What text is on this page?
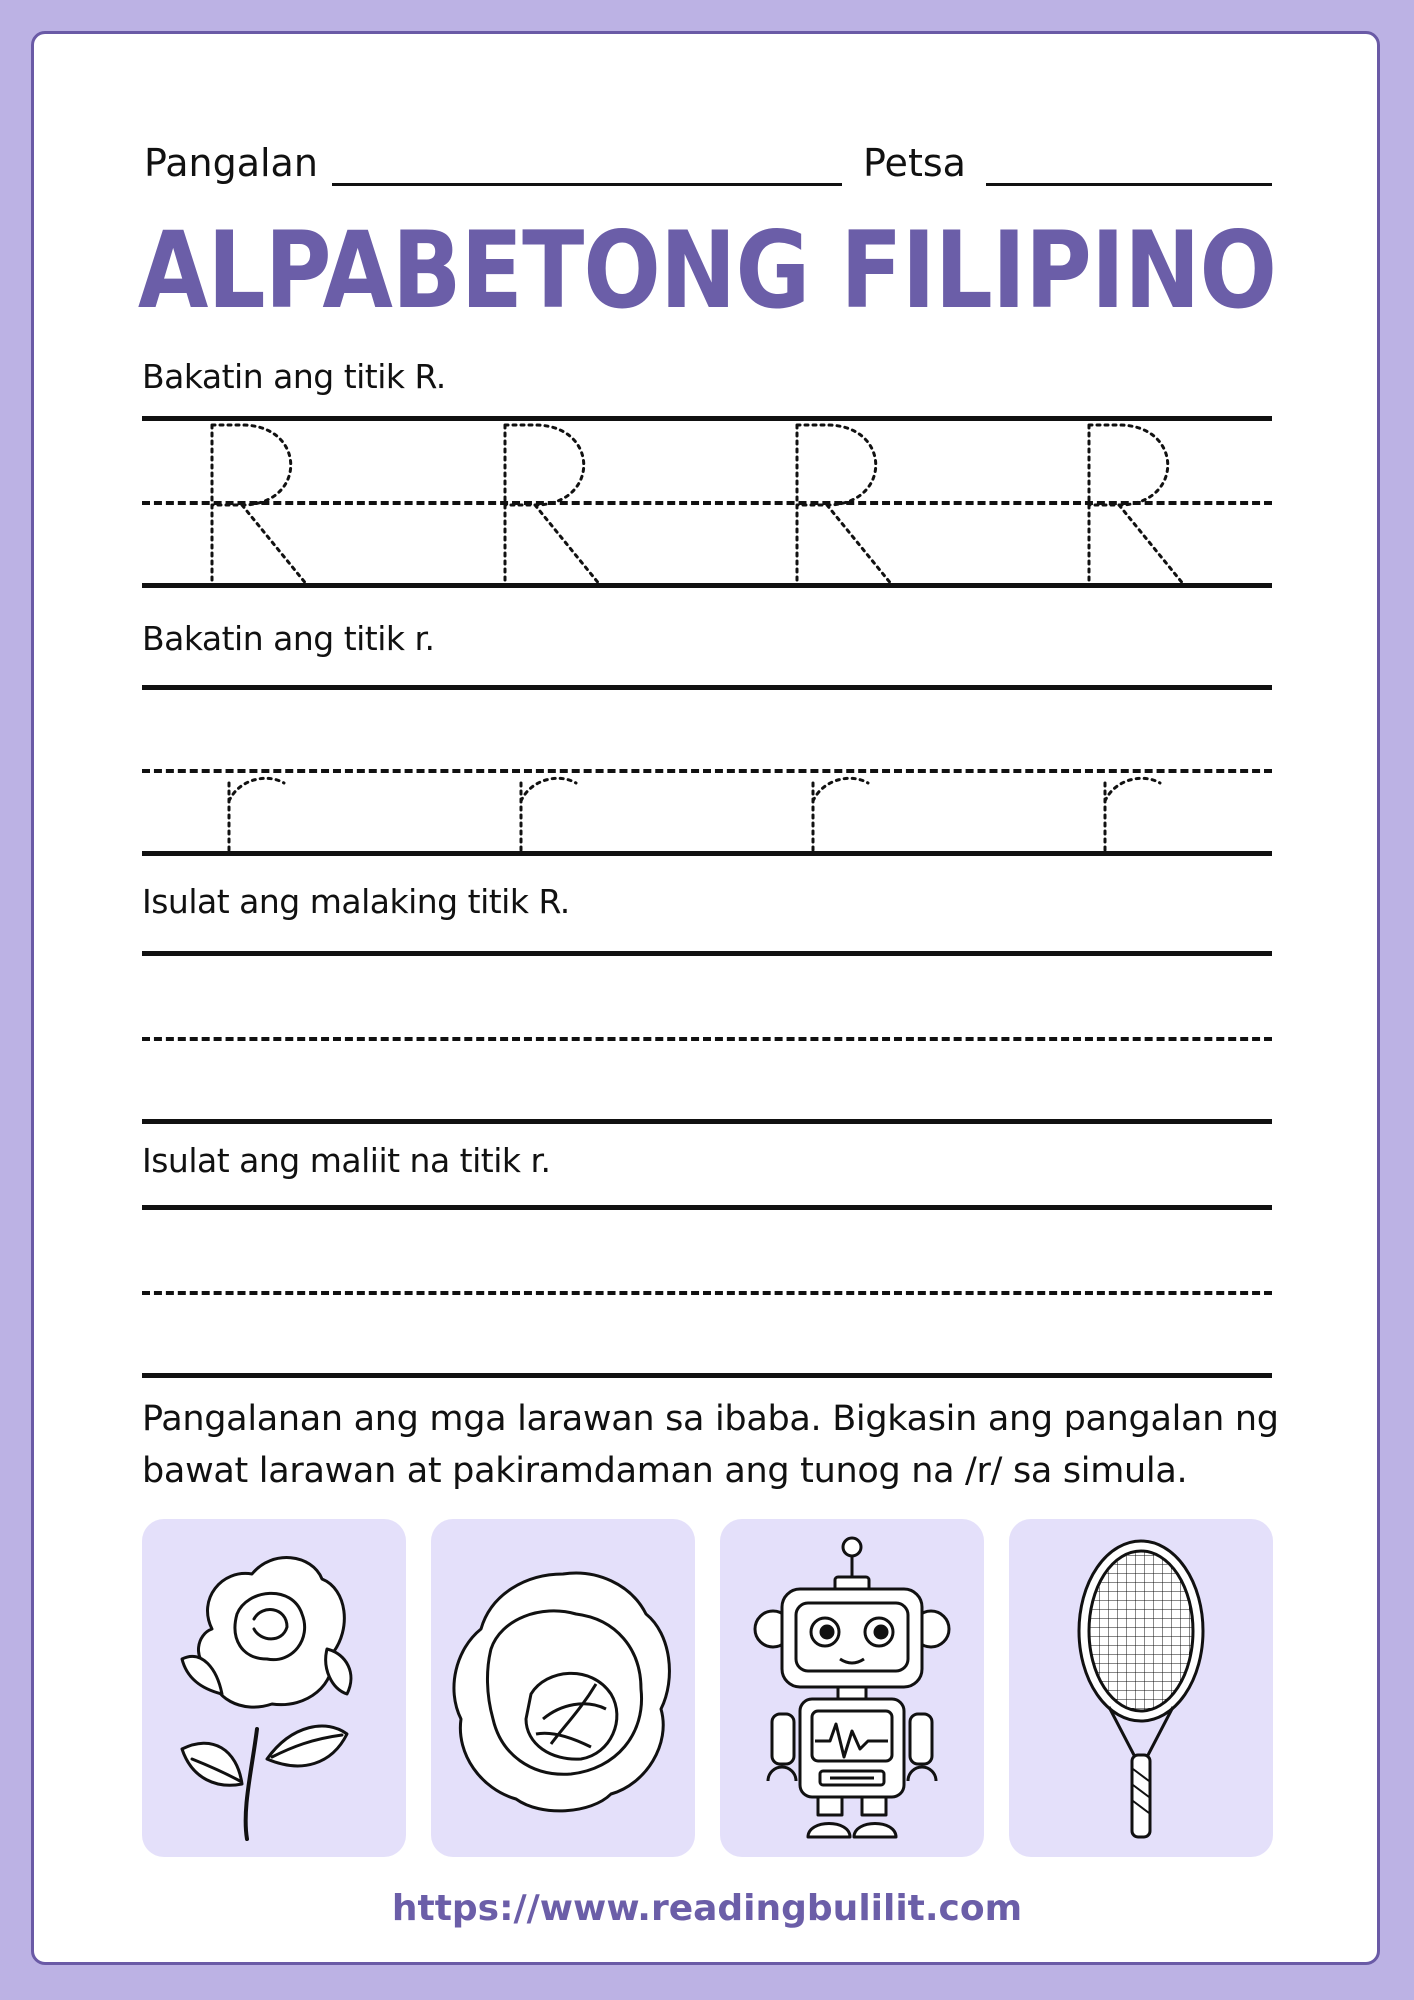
Pangalan	Petsa
ALPABETONG FILIPINO
Bakatin ang titik R.
Bakatin ang titik r.
Isulat ang malaking titik R.
Isulat ang maliit na titik r.
Pangalanan ang mga larawan sa ibaba. Bigkasin ang pangalan ng bawat larawan at pakiramdaman ang tunog na /r/ sa simula.
https://www.readingbulilit.com
